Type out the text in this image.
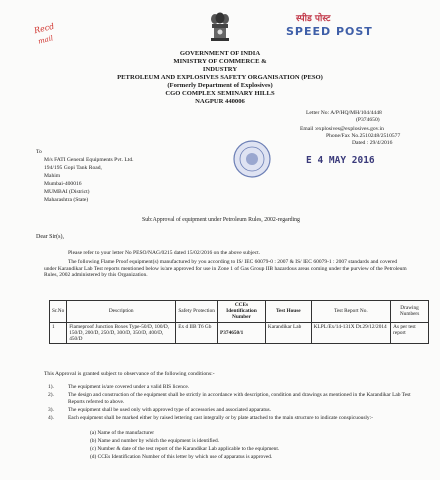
Recd
mail
स्पीड पोस्ट
SPEED POST
GOVERNMENT OF INDIA
MINISTRY OF COMMERCE &
INDUSTRY
PETROLEUM AND EXPLOSIVES SAFETY ORGANISATION (PESO)
(Formerly Department of Explosives)
CGO COMPLEX SEMINARY HILLS
NAGPUR 440006
Letter No: A/P/HQ/MH/104/4448
(P374650)
Email :explosives@explosives.gov.in
Phone/Fax No.2510248/2510577
Dated : 29/4/2016
E 4 MAY 2016
To
M/s FATI General Equipments Pvt. Ltd.
194/195 Gopi Tank Road,
Mahim
Mumbai-400016
MUMBAI (District)
Maharashtra (State)
Sub:Approval of equipment under Petroleum Rules, 2002-regarding
Dear Sir(s),
Please refer to your letter No PESO/NAG/0215 dated 15/02/2016 on the above subject.
The following Flame Proof equipment(s) manufactured by you according to IS/ IEC 60079-0 : 2007 & IS/ IEC 60079-1 : 2007 standards and covered under Karandikar Lab Test reports mentioned below is/are approved for use in Zone 1 of Gas Group IIB hazardous areas coming under the purview of the Petroleum Rules, 2002 administered by this Organization.
Sr.No	Description	Safety Protection	CCEs Identification Number	Test House	Test Report No.	Drawing Numbers
1	Flameproof Junction Boxes Type-50/D, 100/D, 150/D, 200/D, 250/D, 300/D, 350/D, 400/D, 450/D	Ex d IIB T6 Gb	P374650/1	Karandikar Lab	KLPL/Ex/14-131X Dt.29/12/2014	As per test report
This Approval is granted subject to observance of the following conditions:-
1).	The equipment is/are covered under a valid BIS licence.
2).	The design and construction of the equipment shall be strictly in accordance with description, condition and drawings as mentioned in the Karandikar Lab Test Reports referred to above.
3).	The equipment shall be used only with approved type of accessories and associated apparatus.
4).	Each equipment shall be marked either by raised lettering cast integrally or by plate attached to the main structure to indicate conspicuously:-
(a) Name of the manufacturer
(b) Name and number by which the equipment is identified.
(c) Number & date of the test report of the Karandikar Lab applicable to the equipment.
(d) CCEs Identification Number of this letter by which use of apparatus is approved.
